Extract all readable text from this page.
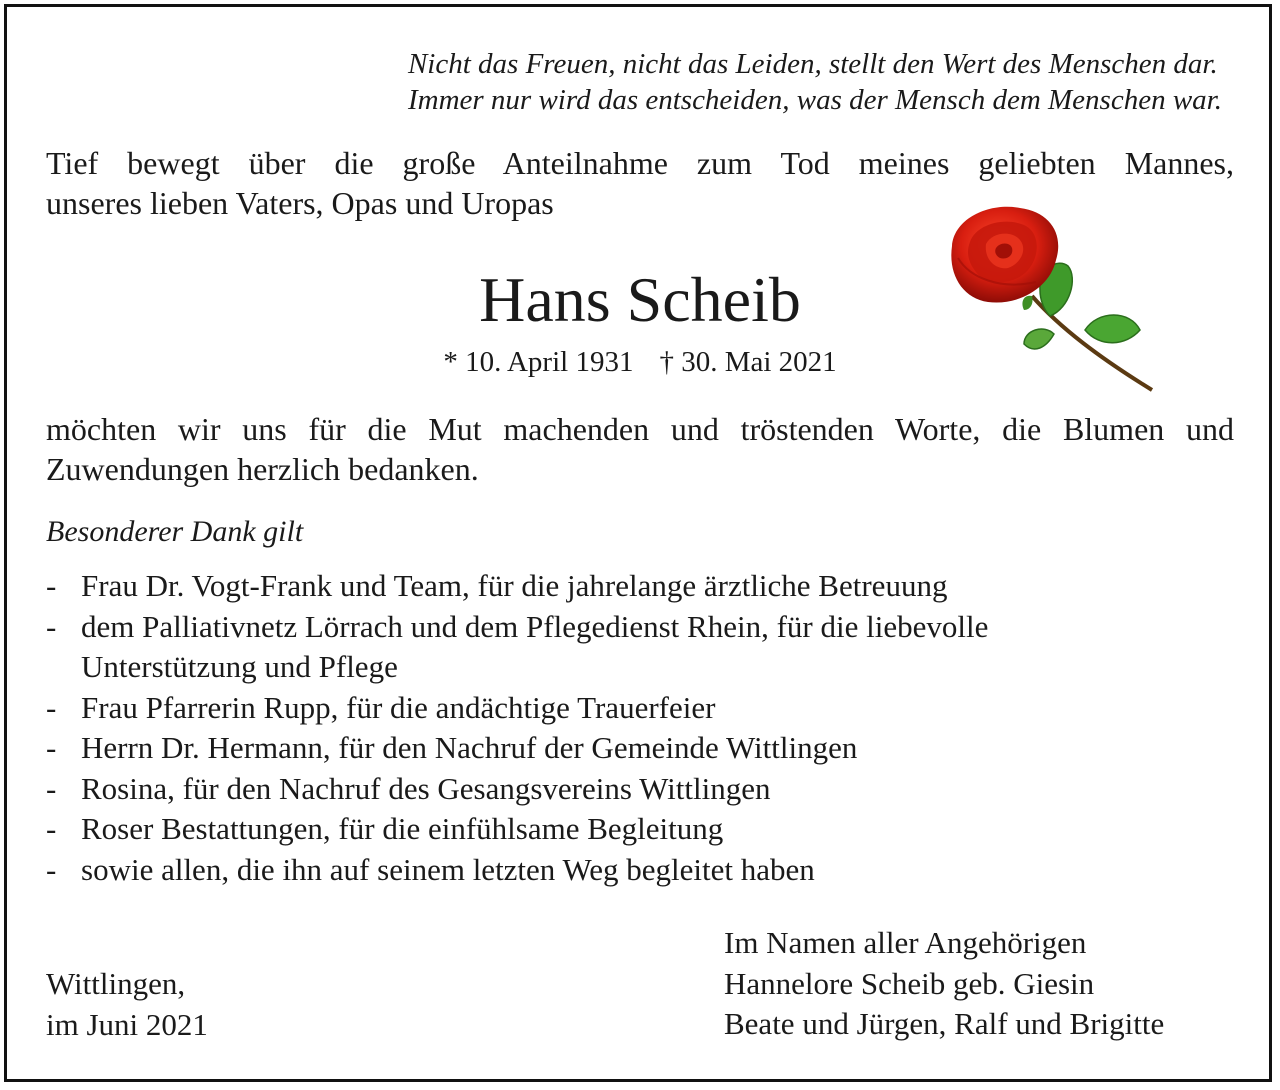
Nicht das Freuen, nicht das Leiden, stellt den Wert des Menschen dar.
Immer nur wird das entscheiden, was der Mensch dem Menschen war.
Tief bewegt über die große Anteilnahme zum Tod meines geliebten Mannes,
unseres lieben Vaters, Opas und Uropas
Hans Scheib
* 10. April 1931 † 30. Mai 2021
möchten wir uns für die Mut machenden und tröstenden Worte, die Blumen und
Zuwendungen herzlich bedanken.
Besonderer Dank gilt
- Frau Dr. Vogt-Frank und Team, für die jahrelange ärztliche Betreuung
- dem Palliativnetz Lörrach und dem Pflegedienst Rhein, für die liebevolle
Unterstützung und Pflege
- Frau Pfarrerin Rupp, für die andächtige Trauerfeier
- Herrn Dr. Hermann, für den Nachruf der Gemeinde Wittlingen
- Rosina, für den Nachruf des Gesangsvereins Wittlingen
- Roser Bestattungen, für die einfühlsame Begleitung
- sowie allen, die ihn auf seinem letzten Weg begleitet haben
Wittlingen,
im Juni 2021
Im Namen aller Angehörigen
Hannelore Scheib geb. Giesin
Beate und Jürgen, Ralf und Brigitte
